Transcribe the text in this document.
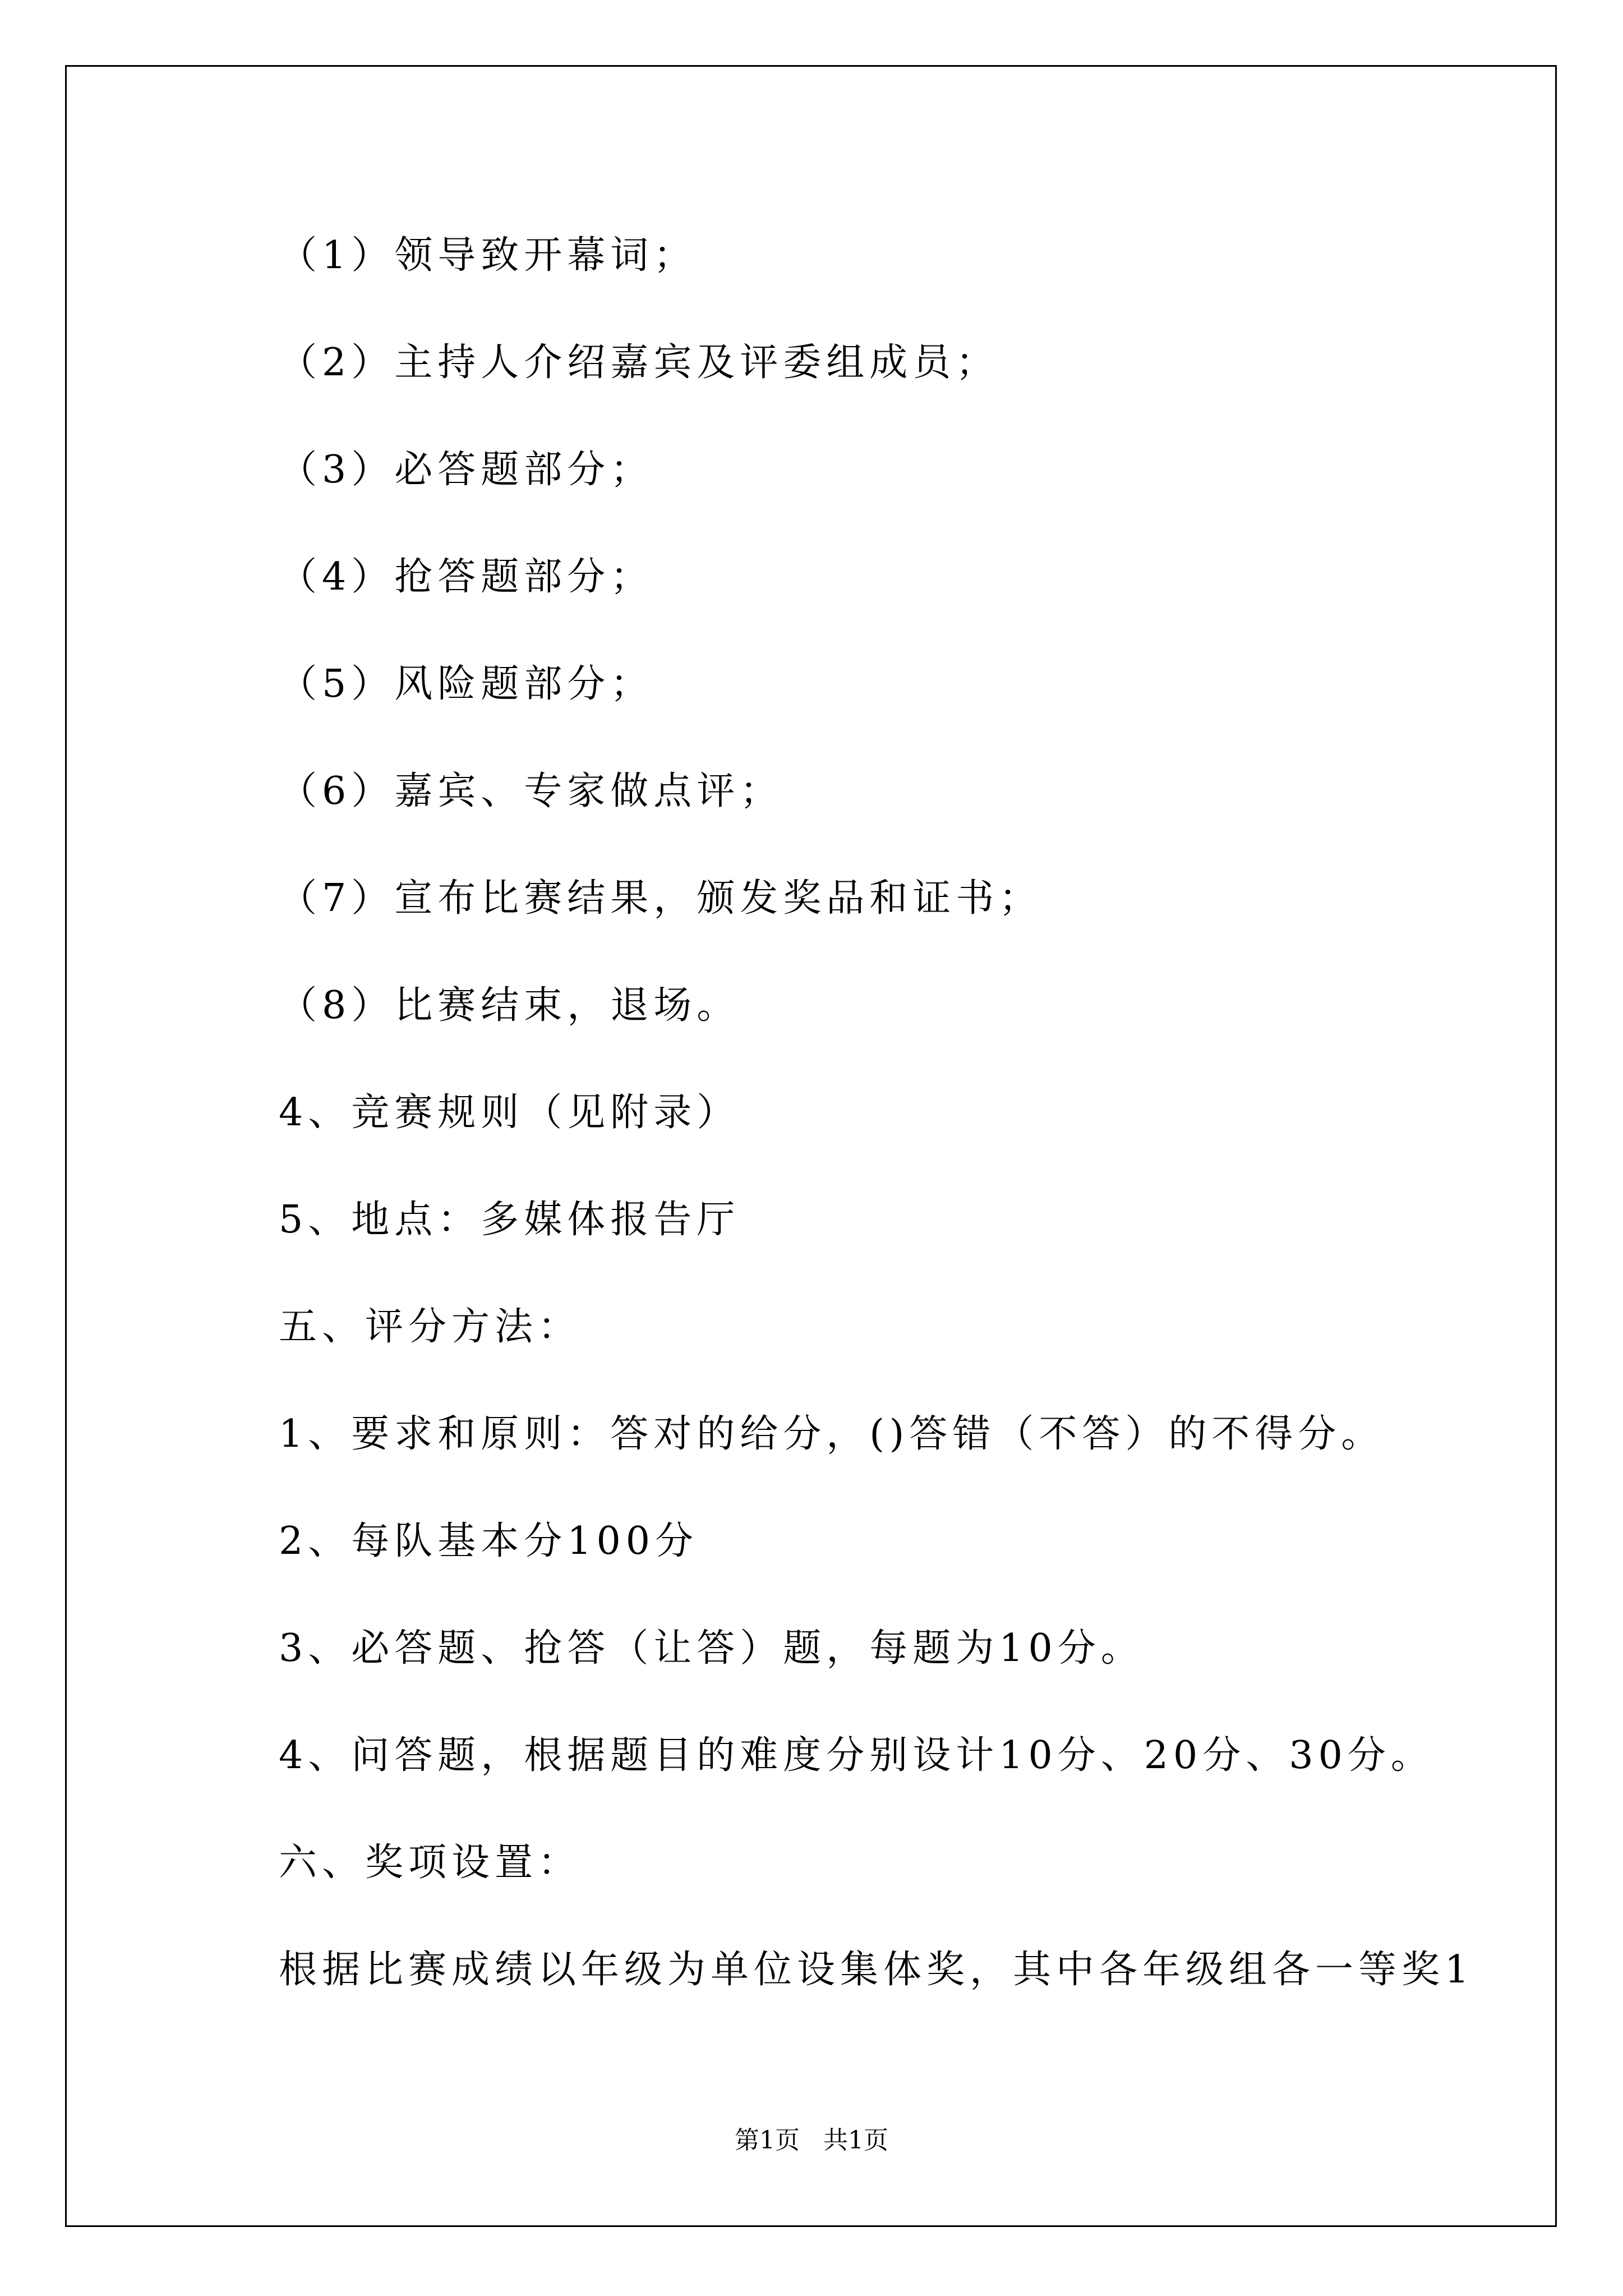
（1）领导致开幕词；
（2）主持人介绍嘉宾及评委组成员；
（3）必答题部分；
（4）抢答题部分；
（5）风险题部分；
（6）嘉宾、专家做点评；
（7）宣布比赛结果，颁发奖品和证书；
（8）比赛结束，退场。
4、竞赛规则（见附录）
5、地点：多媒体报告厅
五、评分方法：
1、要求和原则：答对的给分，()答错（不答）的不得分。
2、每队基本分100分
3、必答题、抢答（让答）题，每题为10分。
4、问答题，根据题目的难度分别设计10分、20分、30分。
六、奖项设置：
根据比赛成绩以年级为单位设集体奖，其中各年级组各一等奖1
第1页   共1页
